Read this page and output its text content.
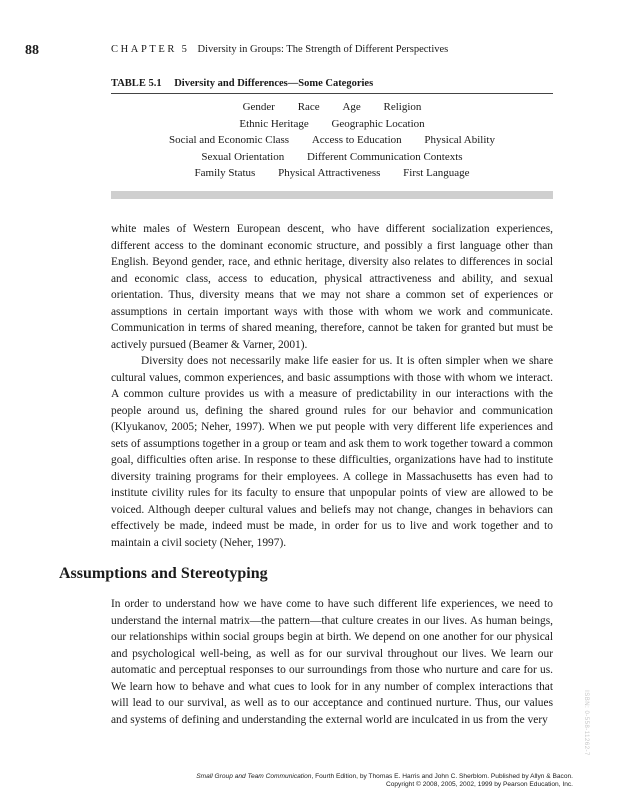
88	CHAPTER 5 Diversity in Groups: The Strength of Different Perspectives
TABLE 5.1 Diversity and Differences—Some Categories
Gender Race Age Religion
Ethnic Heritage Geographic Location
Social and Economic Class Access to Education Physical Ability
Sexual Orientation Different Communication Contexts
Family Status Physical Attractiveness First Language

white males of Western European descent, who have different socialization experiences, different access to the dominant economic structure, and possibly a first language other than English. Beyond gender, race, and ethnic heritage, diversity also relates to differences in social and economic class, access to education, physical attractiveness and ability, and sexual orientation. Thus, diversity means that we may not share a common set of experiences or assumptions in certain important ways with those with whom we work and communicate. Communication in terms of shared meaning, therefore, cannot be taken for granted but must be actively pursued (Beamer & Varner, 2001).

Diversity does not necessarily make life easier for us. It is often simpler when we share cultural values, common experiences, and basic assumptions with those with whom we interact. A common culture provides us with a measure of predictability in our interactions with the people around us, defining the shared ground rules for our behavior and communication (Klyukanov, 2005; Neher, 1997). When we put people with very different life experiences and sets of assumptions together in a group or team and ask them to work together toward a common goal, difficulties often arise. In response to these difficulties, organizations have had to institute diversity training programs for their employees. A college in Massachusetts has even had to institute civility rules for its faculty to ensure that unpopular points of view are allowed to be voiced. Although deeper cultural values and beliefs may not change, changes in behaviors can effectively be made, indeed must be made, in order for us to live and work together and to maintain a civil society (Neher, 1997).

Assumptions and Stereotyping

In order to understand how we have come to have such different life experiences, we need to understand the internal matrix—the pattern—that culture creates in our lives. As human beings, our relationships within social groups begin at birth. We depend on one another for our physical and psychological well-being, as well as for our survival throughout our lives. We learn our automatic and perceptual responses to our surroundings from those who nurture and care for us. We learn how to behave and what cues to look for in any number of complex interactions that will lead to our survival, as well as to our acceptance and continued nurture. Thus, our values and systems of defining and understanding the external world are inculcated in us from the very	ISBN: 0-558-11262-7
Small Group and Team Communication, Fourth Edition, by Thomas E. Harris and John C. Sherblom. Published by Allyn & Bacon.
Copyright © 2008, 2005, 2002, 1999 by Pearson Education, Inc.
